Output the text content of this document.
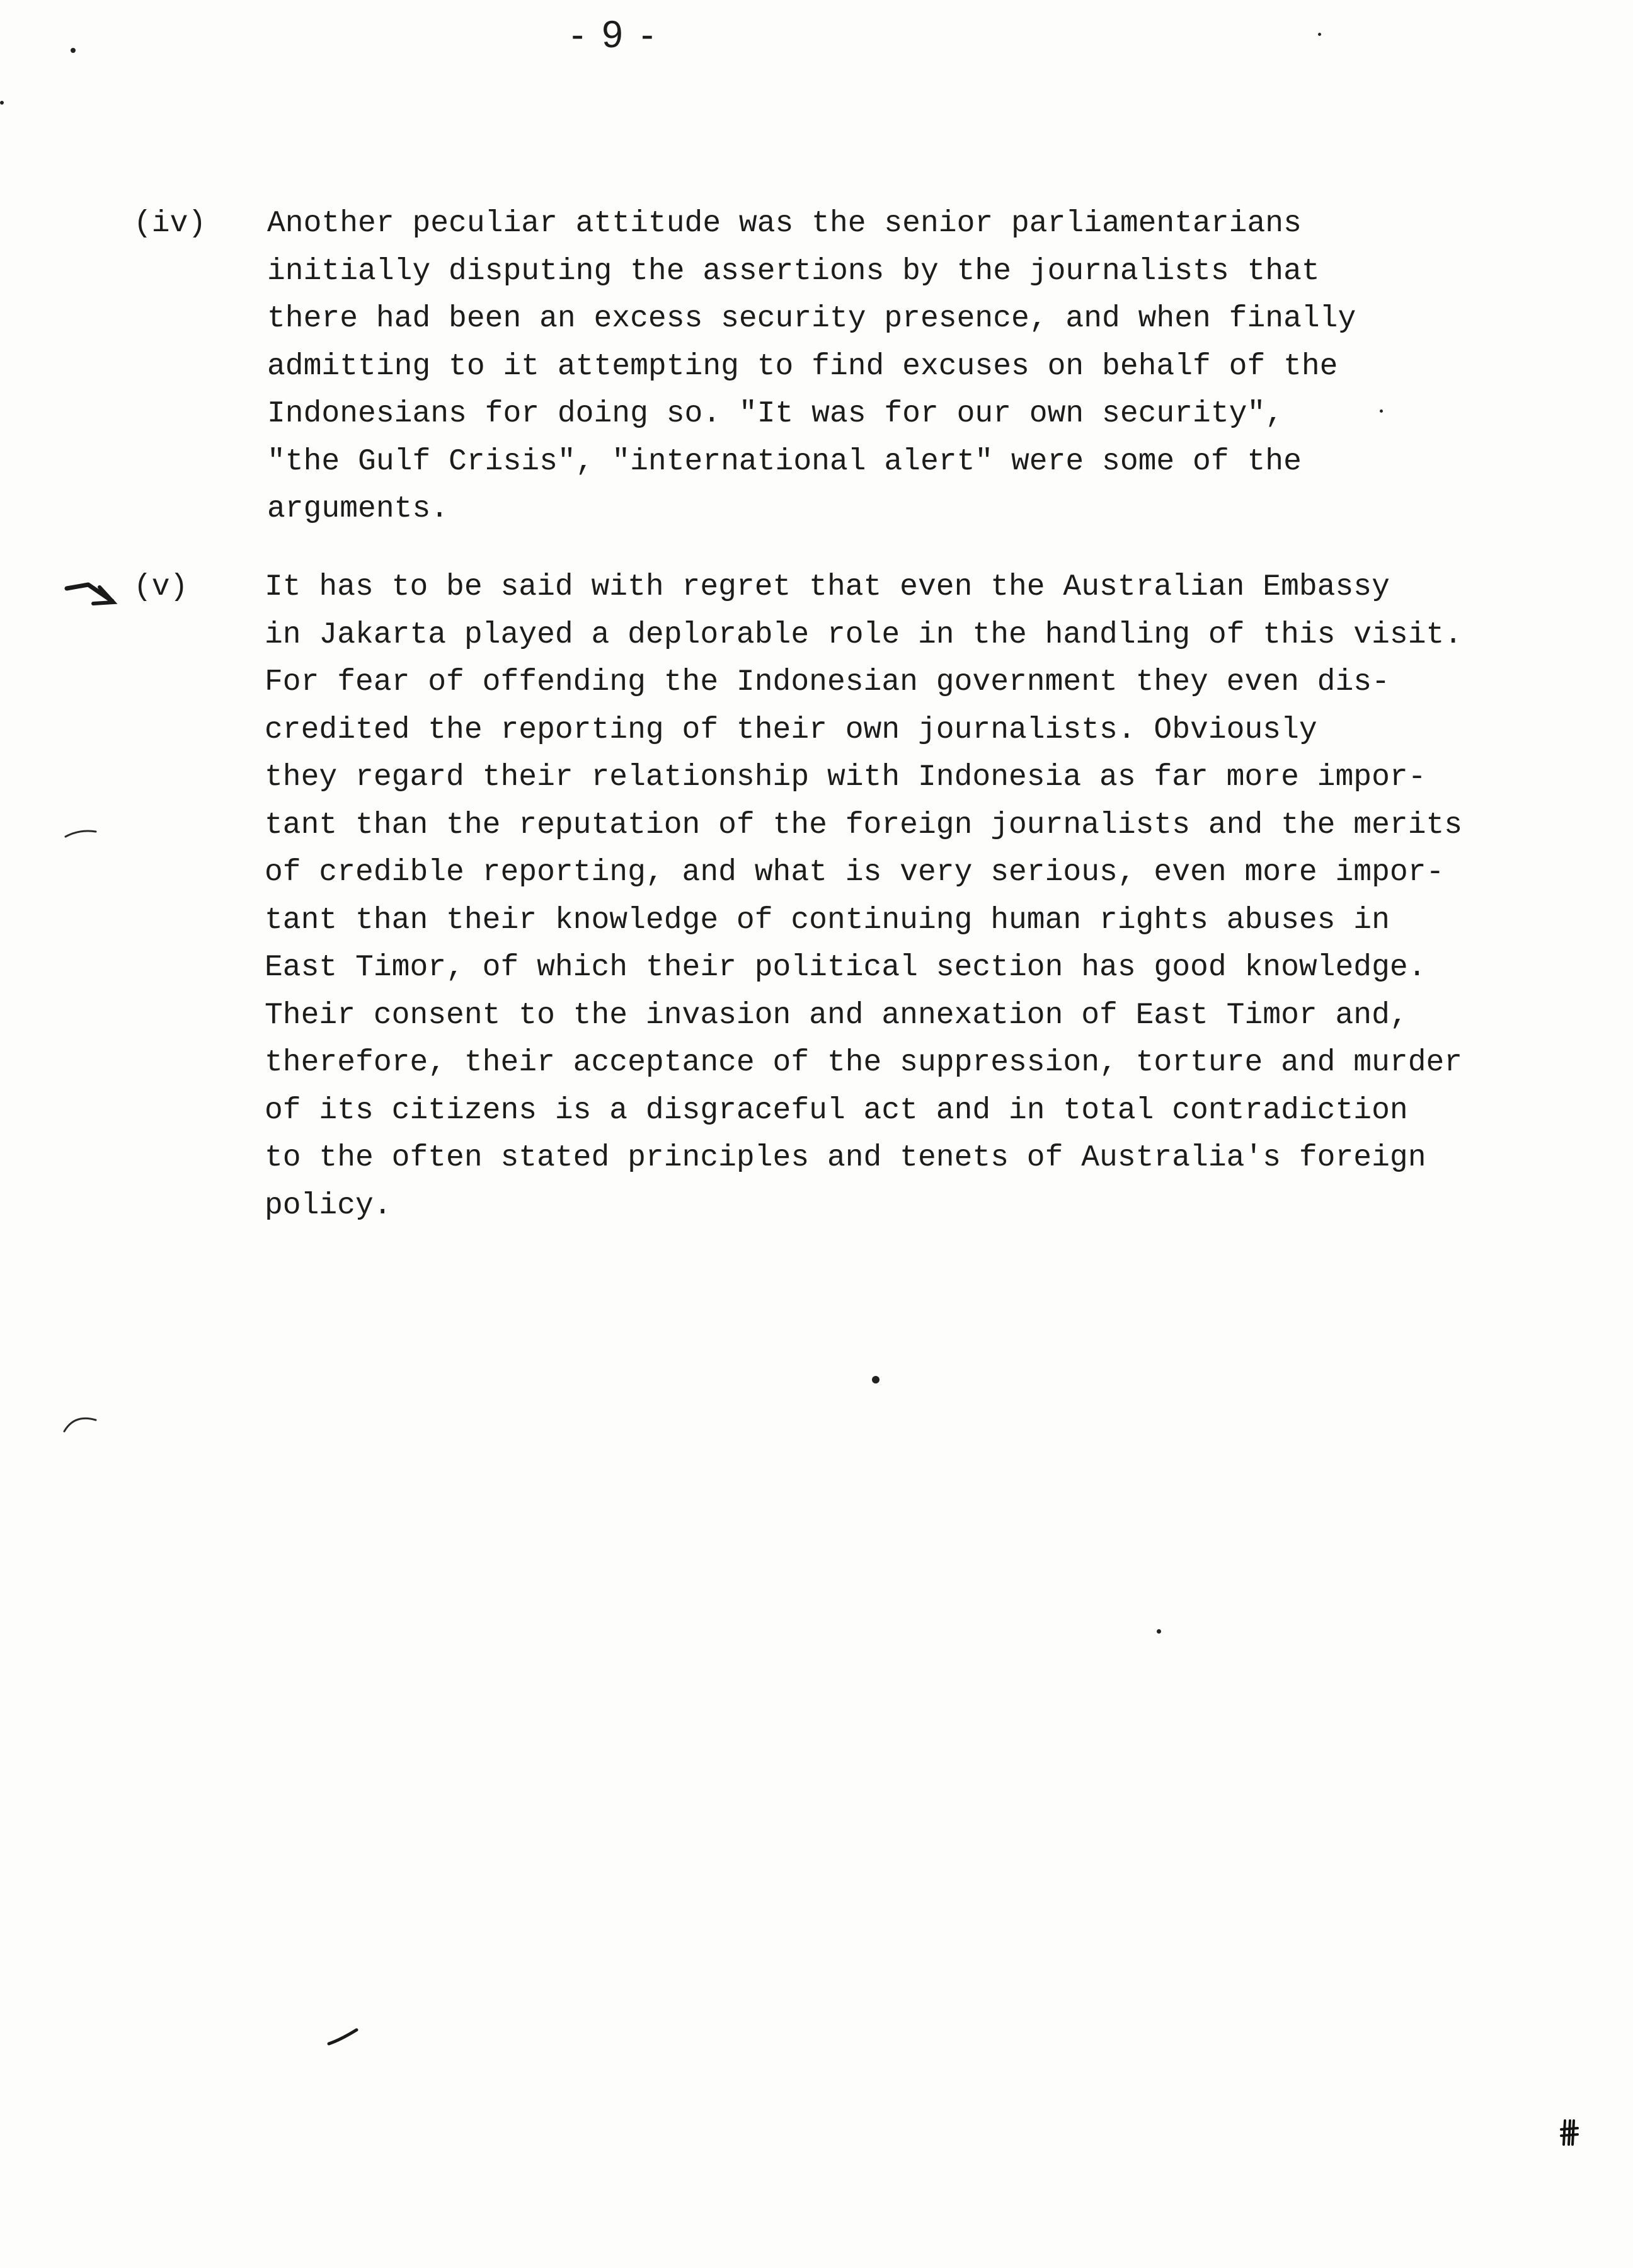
- 9 -
(iv) Another peculiar attitude was the senior parliamentarians
initially disputing the assertions by the journalists that
there had been an excess security presence, and when finally
admitting to it attempting to find excuses on behalf of the
Indonesians for doing so. "It was for our own security",
"the Gulf Crisis", "international alert" were some of the
arguments.
(v)	It has to be said with regret that even the Australian Embassy
in Jakarta played a deplorable role in the handling of this visit.
For fear of offending the Indonesian government they even dis-
credited the reporting of their own journalists. Obviously
they regard their relationship with Indonesia as far more impor-
tant than the reputation of the foreign journalists and the merits
of credible reporting, and what is very serious, even more impor-
tant than their knowledge of continuing human rights abuses in
East Timor, of which their political section has good knowledge.
Their consent to the invasion and annexation of East Timor and,
therefore, their acceptance of the suppression, torture and murder
of its citizens is a disgraceful act and in total contradiction
to the often stated principles and tenets of Australia's foreign
policy.
